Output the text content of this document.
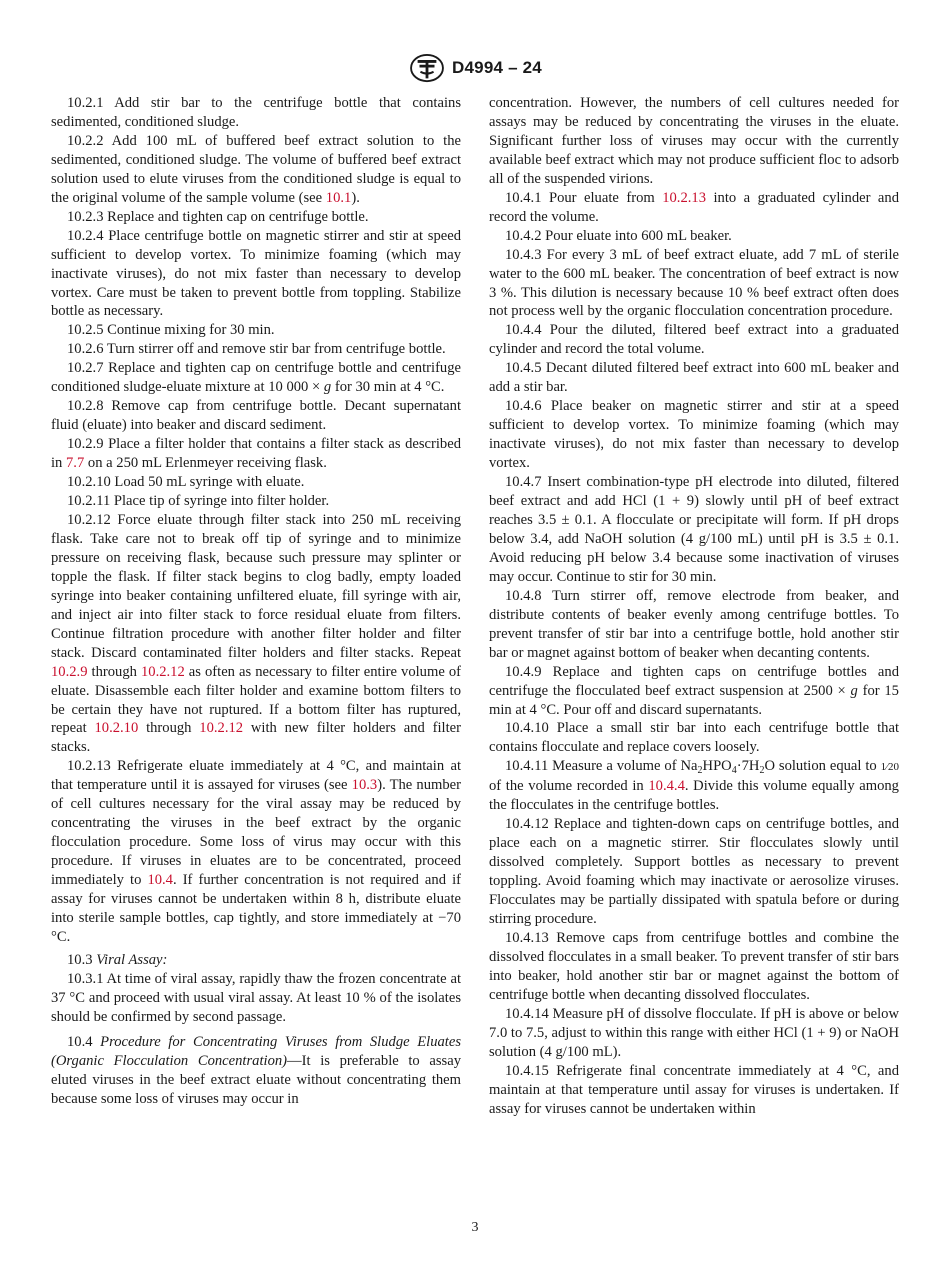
D4994 – 24

10.2.1 Add stir bar to the centrifuge bottle that contains sedimented, conditioned sludge.

10.2.2 Add 100 mL of buffered beef extract solution to the sedimented, conditioned sludge. The volume of buffered beef extract solution used to elute viruses from the conditioned sludge is equal to the original volume of the sample volume (see 10.1).

10.2.3 Replace and tighten cap on centrifuge bottle.

10.2.4 Place centrifuge bottle on magnetic stirrer and stir at speed sufficient to develop vortex. To minimize foaming (which may inactivate viruses), do not mix faster than necessary to develop vortex. Care must be taken to prevent bottle from toppling. Stabilize bottle as necessary.

10.2.5 Continue mixing for 30 min.

10.2.6 Turn stirrer off and remove stir bar from centrifuge bottle.

10.2.7 Replace and tighten cap on centrifuge bottle and centrifuge conditioned sludge-eluate mixture at 10 000 × g for 30 min at 4 °C.

10.2.8 Remove cap from centrifuge bottle. Decant supernatant fluid (eluate) into beaker and discard sediment.

10.2.9 Place a filter holder that contains a filter stack as described in 7.7 on a 250 mL Erlenmeyer receiving flask.

10.2.10 Load 50 mL syringe with eluate.

10.2.11 Place tip of syringe into filter holder.

10.2.12 Force eluate through filter stack into 250 mL receiving flask. Take care not to break off tip of syringe and to minimize pressure on receiving flask, because such pressure may splinter or topple the flask. If filter stack begins to clog badly, empty loaded syringe into beaker containing unfiltered eluate, fill syringe with air, and inject air into filter stack to force residual eluate from filters. Continue filtration procedure with another filter holder and filter stack. Discard contaminated filter holders and filter stacks. Repeat 10.2.9 through 10.2.12 as often as necessary to filter entire volume of eluate. Disassemble each filter holder and examine bottom filters to be certain they have not ruptured. If a bottom filter has ruptured, repeat 10.2.10 through 10.2.12 with new filter holders and filter stacks.

10.2.13 Refrigerate eluate immediately at 4 °C, and maintain at that temperature until it is assayed for viruses (see 10.3). The number of cell cultures necessary for the viral assay may be reduced by concentrating the viruses in the beef extract by the organic flocculation procedure. Some loss of virus may occur with this procedure. If viruses in eluates are to be concentrated, proceed immediately to 10.4. If further concentration is not required and if assay for viruses cannot be undertaken within 8 h, distribute eluate into sterile sample bottles, cap tightly, and store immediately at −70 °C.

10.3 Viral Assay:

10.3.1 At time of viral assay, rapidly thaw the frozen concentrate at 37 °C and proceed with usual viral assay. At least 10 % of the isolates should be confirmed by second passage.

10.4 Procedure for Concentrating Viruses from Sludge Eluates (Organic Flocculation Concentration)—It is preferable to assay eluted viruses in the beef extract eluate without concentrating them because some loss of viruses may occur in

concentration. However, the numbers of cell cultures needed for assays may be reduced by concentrating the viruses in the eluate. Significant further loss of viruses may occur with the currently available beef extract which may not produce sufficient floc to adsorb all of the suspended virions.

10.4.1 Pour eluate from 10.2.13 into a graduated cylinder and record the volume.

10.4.2 Pour eluate into 600 mL beaker.

10.4.3 For every 3 mL of beef extract eluate, add 7 mL of sterile water to the 600 mL beaker. The concentration of beef extract is now 3 %. This dilution is necessary because 10 % beef extract often does not process well by the organic flocculation concentration procedure.

10.4.4 Pour the diluted, filtered beef extract into a graduated cylinder and record the total volume.

10.4.5 Decant diluted filtered beef extract into 600 mL beaker and add a stir bar.

10.4.6 Place beaker on magnetic stirrer and stir at a speed sufficient to develop vortex. To minimize foaming (which may inactivate viruses), do not mix faster than necessary to develop vortex.

10.4.7 Insert combination-type pH electrode into diluted, filtered beef extract and add HCl (1 + 9) slowly until pH of beef extract reaches 3.5 ± 0.1. A flocculate or precipitate will form. If pH drops below 3.4, add NaOH solution (4 g/100 mL) until pH is 3.5 ± 0.1. Avoid reducing pH below 3.4 because some inactivation of viruses may occur. Continue to stir for 30 min.

10.4.8 Turn stirrer off, remove electrode from beaker, and distribute contents of beaker evenly among centrifuge bottles. To prevent transfer of stir bar into a centrifuge bottle, hold another stir bar or magnet against bottom of beaker when decanting contents.

10.4.9 Replace and tighten caps on centrifuge bottles and centrifuge the flocculated beef extract suspension at 2500 × g for 15 min at 4 °C. Pour off and discard supernatants.

10.4.10 Place a small stir bar into each centrifuge bottle that contains flocculate and replace covers loosely.

10.4.11 Measure a volume of $Na_2HPO_4\cdot 7H_2O$ solution equal to 1⁄20 of the volume recorded in 10.4.4. Divide this volume equally among the flocculates in the centrifuge bottles.

10.4.12 Replace and tighten-down caps on centrifuge bottles, and place each on a magnetic stirrer. Stir flocculates slowly until dissolved completely. Support bottles as necessary to prevent toppling. Avoid foaming which may inactivate or aerosolize viruses. Flocculates may be partially dissipated with spatula before or during stirring procedure.

10.4.13 Remove caps from centrifuge bottles and combine the dissolved flocculates in a small beaker. To prevent transfer of stir bars into beaker, hold another stir bar or magnet against the bottom of centrifuge bottle when decanting dissolved flocculates.

10.4.14 Measure pH of dissolve flocculate. If pH is above or below 7.0 to 7.5, adjust to within this range with either HCl (1 + 9) or NaOH solution (4 g/100 mL).

10.4.15 Refrigerate final concentrate immediately at 4 °C, and maintain at that temperature until assay for viruses is undertaken. If assay for viruses cannot be undertaken within

3
